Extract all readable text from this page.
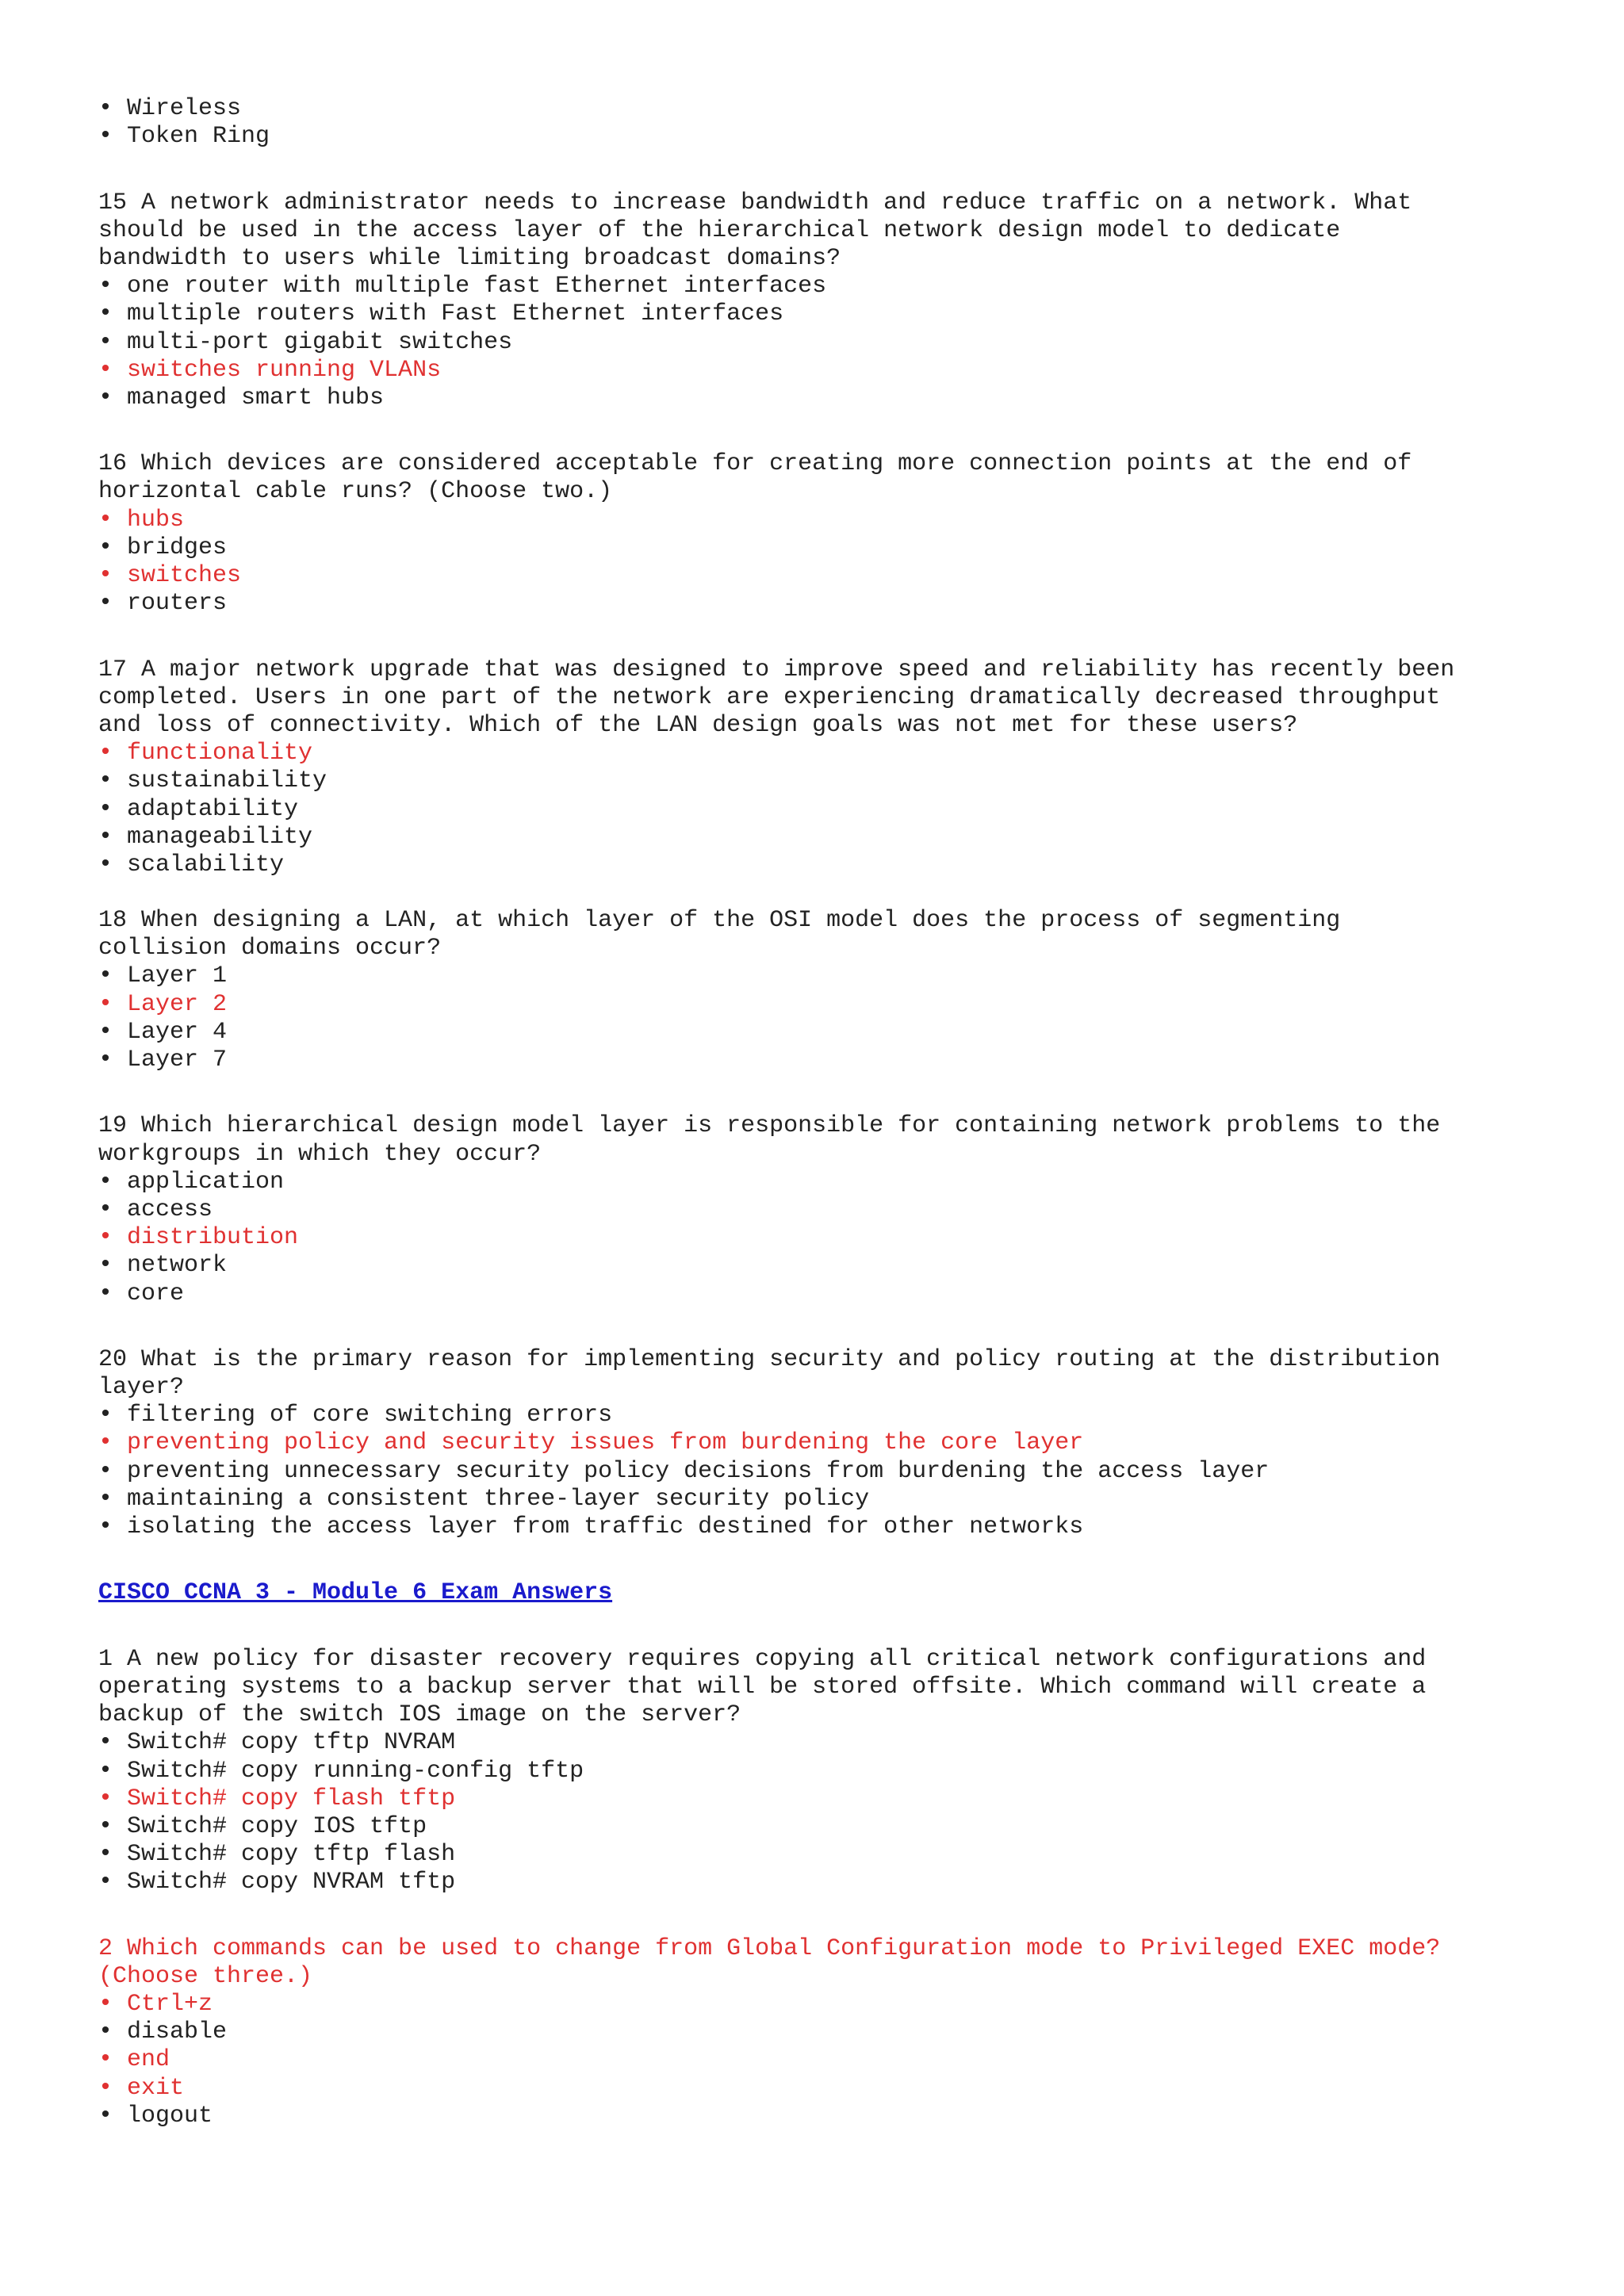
• Wireless
• Token Ring
15 A network administrator needs to increase bandwidth and reduce traffic on a network. What
should be used in the access layer of the hierarchical network design model to dedicate
bandwidth to users while limiting broadcast domains?
• one router with multiple fast Ethernet interfaces
• multiple routers with Fast Ethernet interfaces
• multi-port gigabit switches
• switches running VLANs
• managed smart hubs
16 Which devices are considered acceptable for creating more connection points at the end of
horizontal cable runs? (Choose two.)
• hubs
• bridges
• switches
• routers
17 A major network upgrade that was designed to improve speed and reliability has recently been
completed. Users in one part of the network are experiencing dramatically decreased throughput
and loss of connectivity. Which of the LAN design goals was not met for these users?
• functionality
• sustainability
• adaptability
• manageability
• scalability
18 When designing a LAN, at which layer of the OSI model does the process of segmenting
collision domains occur?
• Layer 1
• Layer 2
• Layer 4
• Layer 7
19 Which hierarchical design model layer is responsible for containing network problems to the
workgroups in which they occur?
• application
• access
• distribution
• network
• core
20 What is the primary reason for implementing security and policy routing at the distribution
layer?
• filtering of core switching errors
• preventing policy and security issues from burdening the core layer
• preventing unnecessary security policy decisions from burdening the access layer
• maintaining a consistent three-layer security policy
• isolating the access layer from traffic destined for other networks
CISCO CCNA 3 - Module 6 Exam Answers
1 A new policy for disaster recovery requires copying all critical network configurations and
operating systems to a backup server that will be stored offsite. Which command will create a
backup of the switch IOS image on the server?
• Switch# copy tftp NVRAM
• Switch# copy running-config tftp
• Switch# copy flash tftp
• Switch# copy IOS tftp
• Switch# copy tftp flash
• Switch# copy NVRAM tftp
2 Which commands can be used to change from Global Configuration mode to Privileged EXEC mode?
(Choose three.)
• Ctrl+z
• disable
• end
• exit
• logout
